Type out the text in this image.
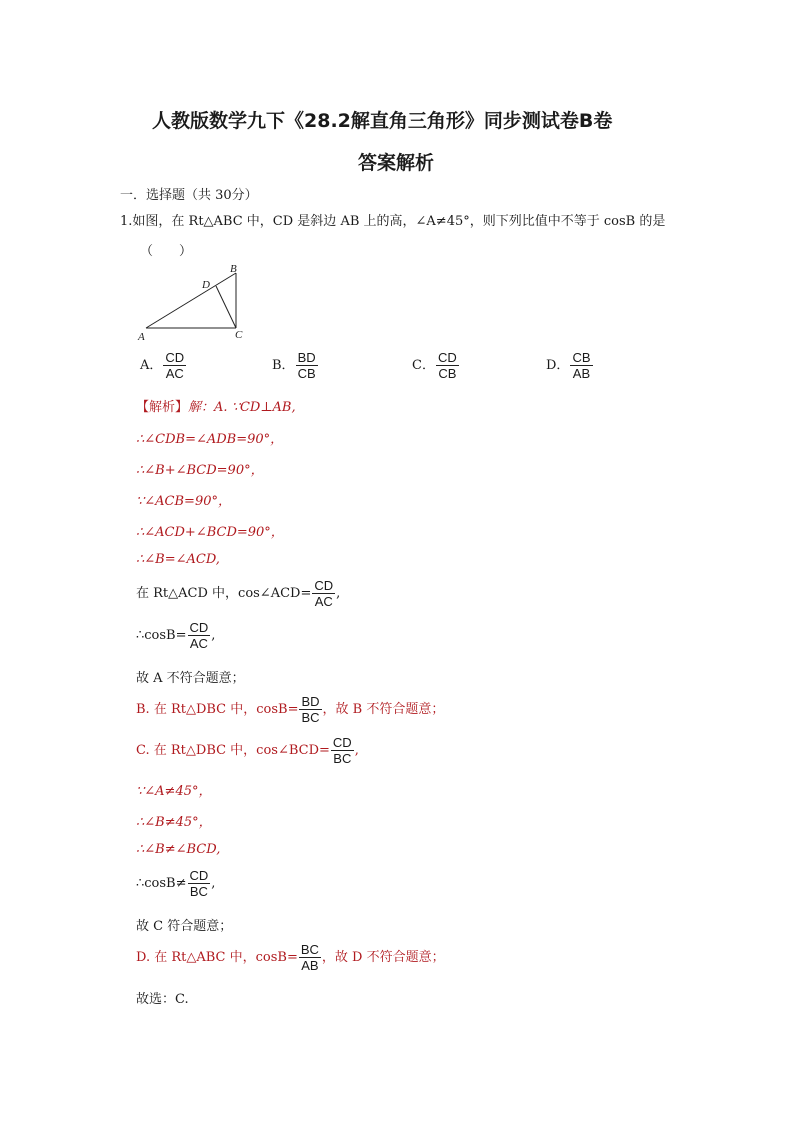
人教版数学九下《28.2解直角三角形》同步测试卷B卷
答案解析
一．选择题（共 30分）
1.如图，在 Rt△ABC 中，CD 是斜边 AB 上的高，∠A≠45°，则下列比值中不等于 cosB 的是
（　　）
A
B
C
D
A． $\frac{CD}{AC}$	B． $\frac{BD}{CB}$	C． $\frac{CD}{CB}$	D． $\frac{CB}{AB}$
【解析】解：A. ∵CD⊥AB,
∴∠CDB=∠ADB=90°，
∴∠B+∠BCD=90°，
∵∠ACB=90°，
∴∠ACD+∠BCD=90°，
∴∠B=∠ACD,
在 Rt△ACD 中，cos∠ACD= $\frac{CD}{AC}$ ,
∴cosB= $\frac{CD}{AC}$ ,
故 A 不符合题意；
B. 在 Rt△DBC 中，$\cos B= \frac{BD}{BC}$ ，故 B 不符合题意；
C. 在 Rt△DBC 中，cos∠BCD= $\frac{CD}{BC}$ ,
∵∠A≠45°，
∴∠B≠45°，
∴∠B≠∠BCD,
∴cosB≠ $\frac{CD}{BC}$ ,
故 C 符合题意；
D. 在 Rt△ABC 中，$\cos B= \frac{BC}{AB}$ ，故 D 不符合题意；
故选：C.
